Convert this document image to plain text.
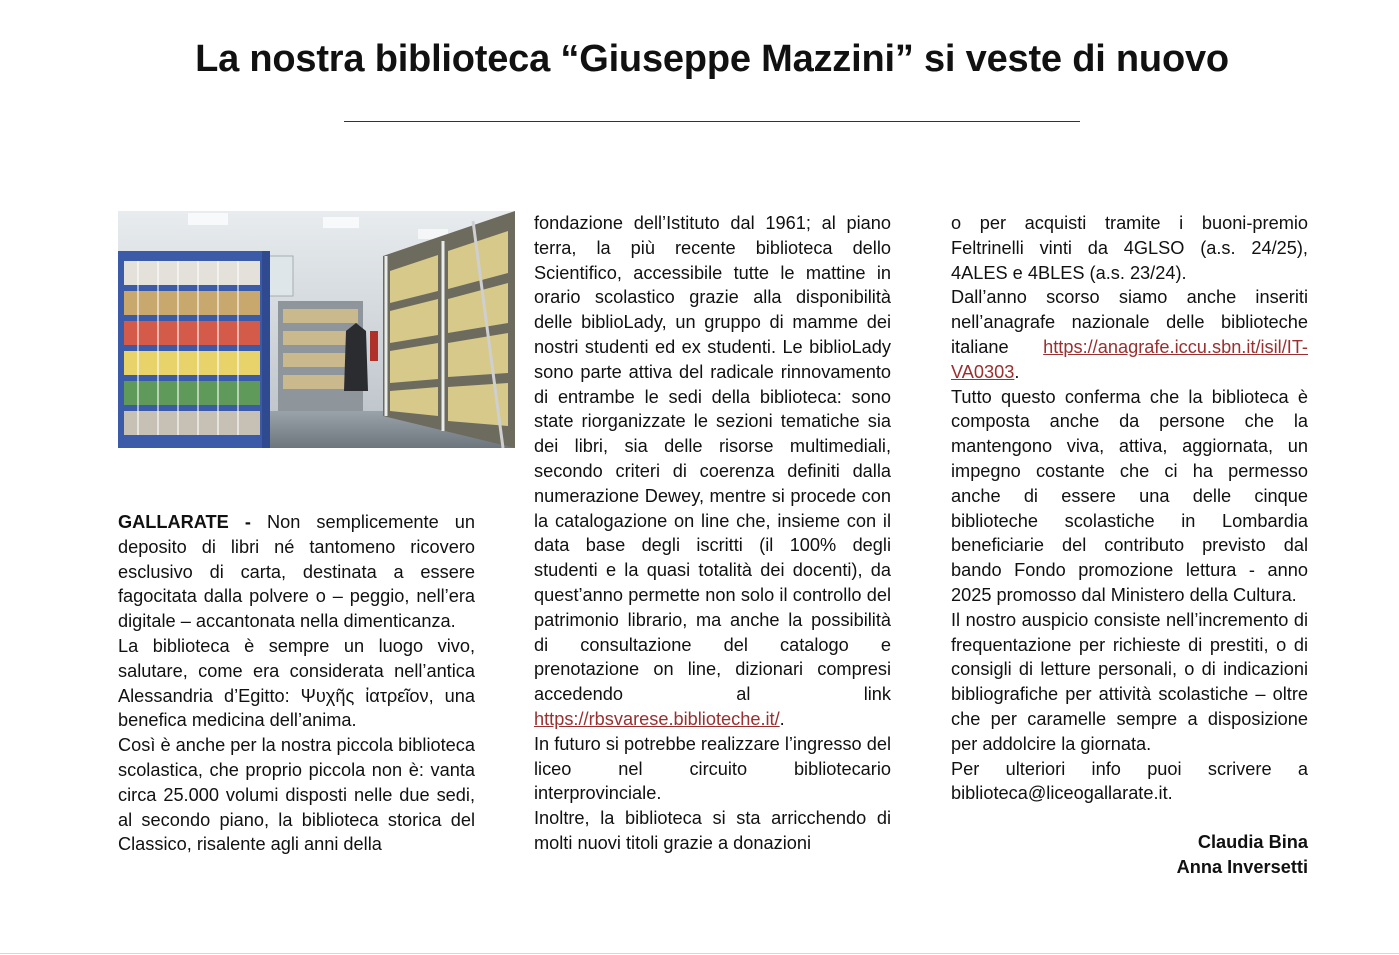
La nostra biblioteca “Giuseppe Mazzini” si veste di nuovo

GALLARATE - Non semplicemente un deposito di libri né tantomeno ricovero esclusivo di carta, destinata a essere fagocitata dalla polvere o – peggio, nell’era digitale – accantonata nella dimenticanza.

La biblioteca è sempre un luogo vivo, salutare, come era considerata nell’antica Alessandria d’Egitto: Ψυχῆς ἰατρεῖον, una benefica medicina dell’anima.

Così è anche per la nostra piccola biblioteca scolastica, che proprio piccola non è: vanta circa 25.000 volumi disposti nelle due sedi, al secondo piano, la biblioteca storica del Classico, risalente agli anni della

fondazione dell’Istituto dal 1961; al piano terra, la più recente biblioteca dello Scientifico, accessibile tutte le mattine in orario scolastico grazie alla disponibilità delle biblioLady, un gruppo di mamme dei nostri studenti ed ex studenti. Le biblioLady sono parte attiva del radicale rinnovamento di entrambe le sedi della biblioteca: sono state riorganizzate le sezioni tematiche sia dei libri, sia delle risorse multimediali, secondo criteri di coerenza definiti dalla numerazione Dewey, mentre si procede con la catalogazione on line che, insieme con il data base degli iscritti (il 100% degli studenti e la quasi totalità dei docenti), da quest’anno permette non solo il controllo del patrimonio librario, ma anche la possibilità di consultazione del catalogo e prenotazione on line, dizionari compresi accedendo al link https://rbsvarese.biblioteche.it/.

In futuro si potrebbe realizzare l’ingresso del liceo nel circuito bibliotecario interprovinciale.

Inoltre, la biblioteca si sta arricchendo di molti nuovi titoli grazie a donazioni

o per acquisti tramite i buoni-premio Feltrinelli vinti da 4GLSO (a.s. 24/25), 4ALES e 4BLES (a.s. 23/24).

Dall’anno scorso siamo anche inseriti nell’anagrafe nazionale delle biblioteche italiane https://anagrafe.iccu.sbn.it/isil/IT-VA0303.

Tutto questo conferma che la biblioteca è composta anche da persone che la mantengono viva, attiva, aggiornata, un impegno costante che ci ha permesso anche di essere una delle cinque biblioteche scolastiche in Lombardia beneficiarie del contributo previsto dal bando Fondo promozione lettura - anno 2025 promosso dal Ministero della Cultura.

Il nostro auspicio consiste nell’incremento di frequentazione per richieste di prestiti, o di consigli di letture personali, o di indicazioni bibliografiche per attività scolastiche – oltre che per caramelle sempre a disposizione per addolcire la giornata.

Per ulteriori info puoi scrivere a biblioteca@liceogallarate.it.

Claudia Bina
Anna Inversetti
